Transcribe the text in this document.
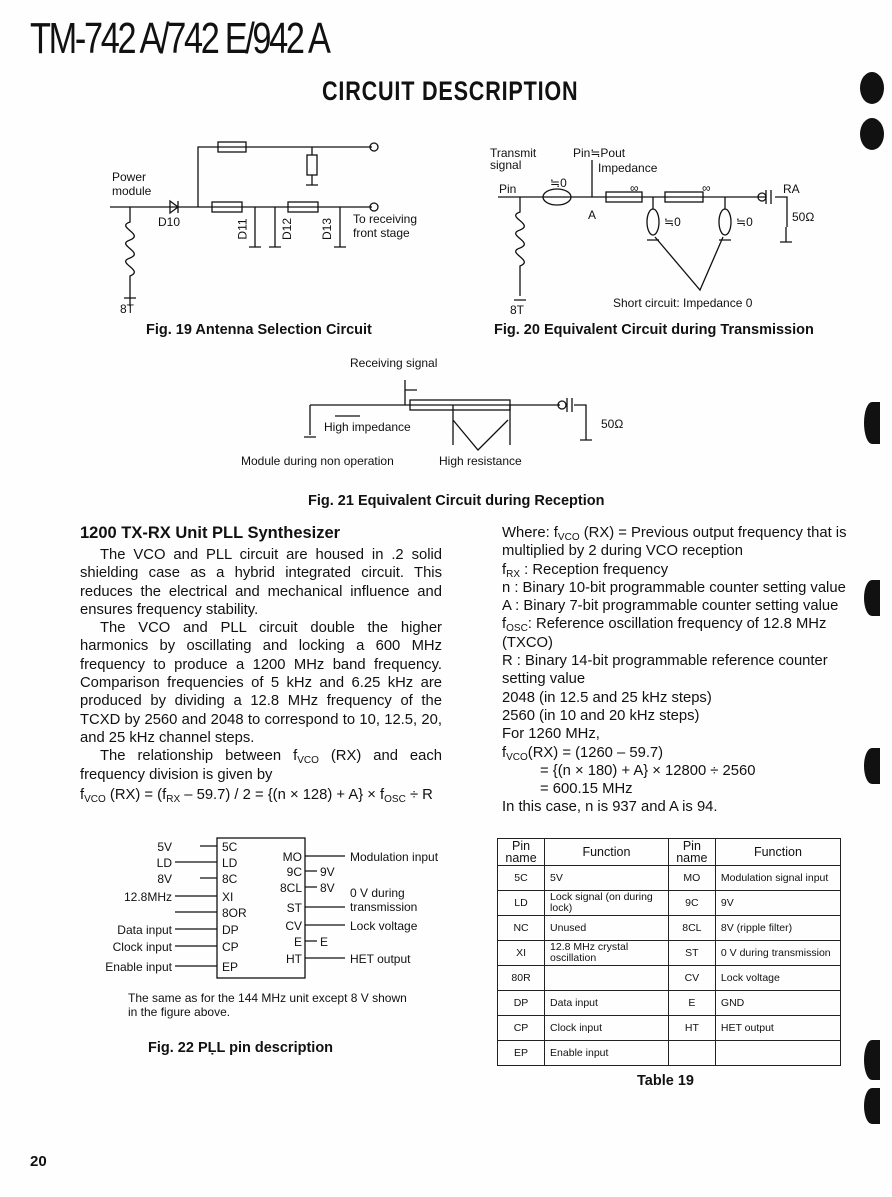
TM-742 A/742 E/942 A
CIRCUIT DESCRIPTION
Power
module
D10	D11	D12 D13 To receiving
front stage
8T
Fig. 19 Antenna Selection Circuit
Transmit
signal
Pin≒Pout
Impedance
Pin	≒0
A
∞	∞
≒0	≒0
RA
50Ω
Short circuit: Impedance 0
8T
Fig. 20 Equivalent Circuit during Transmission
Receiving signal
High impedance
Module during non operation	High resistance
50Ω
Fig. 21 Equivalent Circuit during Reception
1200 TX-RX Unit PLL Synthesizer

The VCO and PLL circuit are housed in .2 solid shielding case as a hybrid integrated circuit. This reduces the electrical and mechanical influence and ensures frequency stability.

The VCO and PLL circuit double the higher harmonics by oscillating and locking a 600 MHz frequency to produce a 1200 MHz band frequency. Comparison frequencies of 5 kHz and 6.25 kHz are produced by dividing a 12.8 MHz frequency of the TCXD by 2560 and 2048 to correspond to 10, 12.5, 20, and 25 kHz channel steps.

The relationship between $f_{VCO}$ (RX) and each frequency division is given by

$f_{VCO}$ $(RX) = (f_{RX} - 59.7) / 2 = \{(n \times 128) + A\} \times f_{OSC} \div R$
Where: $f_{VCO}$ (RX) = Previous output frequency that is
multiplied by 2 during VCO reception
$f_{RX}$ : Reception frequency
n : Binary 10-bit programmable counter setting value
A : Binary 7-bit programmable counter setting value
$f_{OSC}$: Reference oscillation frequency of 12.8 MHz
(TXCO)
R : Binary 14-bit programmable reference counter
setting value
2048 (in 12.5 and 25 kHz steps)
2560 (in 10 and 20 kHz steps)
For 1260 MHz,
$f_{VCO}(RX) = (1260 - 59.7)$
= {(n × 180) + A} × 12800 ÷ 2560
= 600.15 MHz
In this case, n is 937 and A is 94.
5C
5V
LD
LD
8C
8V
XI
12.8MHz
8OR
DP
Data input
CP
Clock input
EP
Enable input
MO	Modulation input
9C 9V
8CL 8V
ST
CV	Lock voltage
E E
HT	HET output
0 V during
transmission
The same as for the 144 MHz unit except 8 V shown
in the figure above.
Fig. 22 PḶL pin description
Pin name	Function	Pin name	Function
5C	5V	MO	Modulation signal input
LD	Lock signal (on during lock)	9C	9V
NC	Unused	8CL	8V (ripple filter)
XI	12.8 MHz crystal oscillation	ST	0 V during transmission
80R		CV	Lock voltage
DP	Data input	E	GND
CP	Clock input	HT	HET output
EP	Enable input		
Table 19
20
